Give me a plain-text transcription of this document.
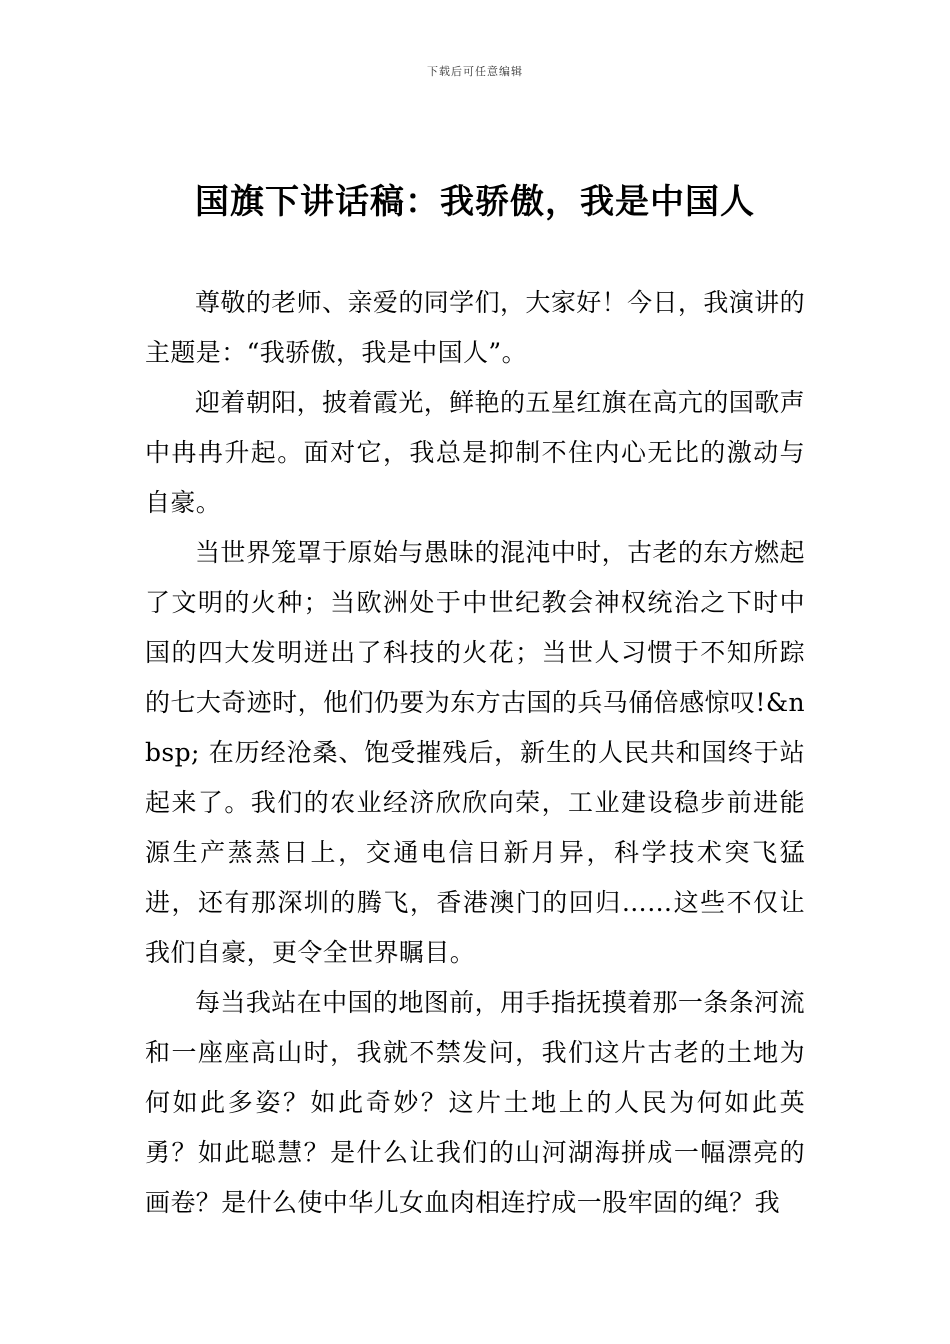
下载后可任意编辑
国旗下讲话稿：我骄傲，我是中国人

尊敬的老师、亲爱的同学们，大家好！今日，我演讲的主题是：“我骄傲，我是中国人”。

迎着朝阳，披着霞光，鲜艳的五星红旗在高亢的国歌声中冉冉升起。面对它，我总是抑制不住内心无比的激动与自豪。

当世界笼罩于原始与愚昧的混沌中时，古老的东方燃起了文明的火种；当欧洲处于中世纪教会神权统治之下时中国的四大发明迸出了科技的火花；当世人习惯于不知所踪的七大奇迹时，他们仍要为东方古国的兵马俑倍感惊叹!&nbsp; 在历经沧桑、饱受摧残后，新生的人民共和国终于站起来了。我们的农业经济欣欣向荣，工业建设稳步前进能源生产蒸蒸日上，交通电信日新月异，科学技术突飞猛进，还有那深圳的腾飞，香港澳门的回归……这些不仅让我们自豪，更令全世界瞩目。

每当我站在中国的地图前，用手指抚摸着那一条条河流和一座座高山时，我就不禁发问，我们这片古老的土地为何如此多姿？如此奇妙？这片土地上的人民为何如此英勇？如此聪慧？是什么让我们的山河湖海拼成一幅漂亮的画卷？是什么使中华儿女血肉相连拧成一股牢固的绳？我
